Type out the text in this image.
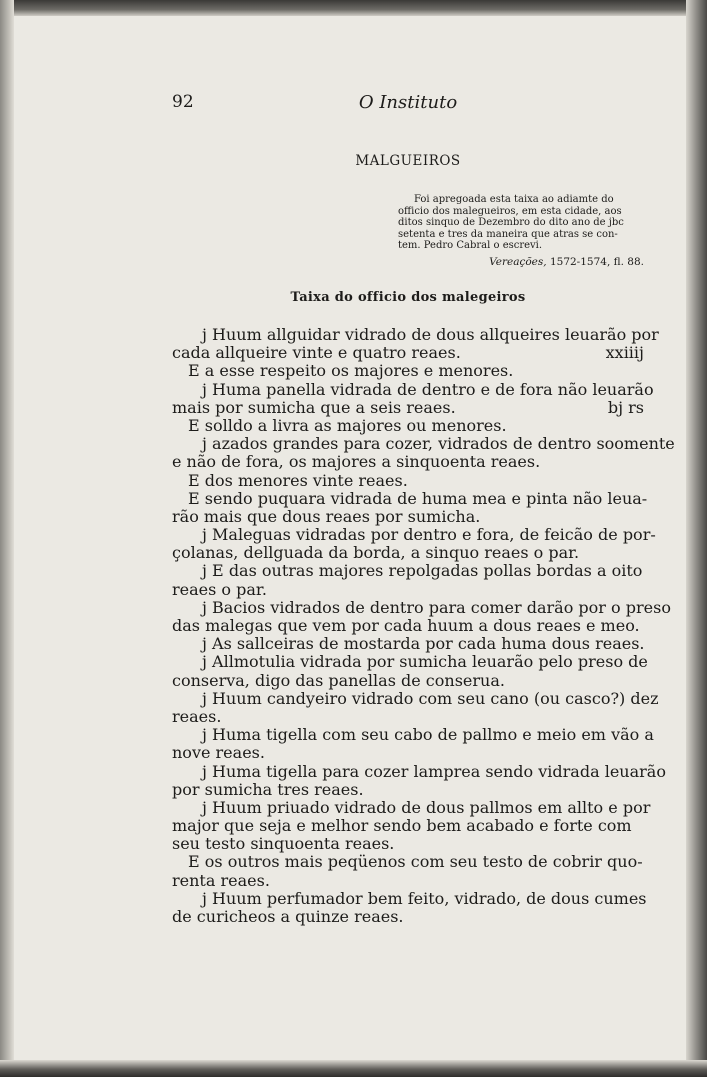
92	O Instituto
MALGUEIROS
Foi apregoada esta taixa ao adiamte do
officio dos malegueiros, em esta cidade, aos
ditos sinquo de Dezembro do dito ano de jbc
setenta e tres da maneira que atras se con-
tem. Pedro Cabral o escrevi.
Vereações, 1572-1574, fl. 88.
Taixa do officio dos malegeiros
j Huum allguidar vidrado de dous allqueires leuarão por
cada allqueire vinte e quatro reaes.	xxiiij
E a esse respeito os majores e menores.
j Huma panella vidrada de dentro e de fora não leuarão
mais por sumicha que a seis reaes.	bj rs
E solldo a livra as majores ou menores.
j azados grandes para cozer, vidrados de dentro soomente
e não de fora, os majores a sinquoenta reaes.
E dos menores vinte reaes.
E sendo puquara vidrada de huma mea e pinta não leua-
rão mais que dous reaes por sumicha.
j Maleguas vidradas por dentro e fora, de feicão de por-
çolanas, dellguada da borda, a sinquo reaes o par.
j E das outras majores repolgadas pollas bordas a oito
reaes o par.
j Bacios vidrados de dentro para comer darão por o preso
das malegas que vem por cada huum a dous reaes e meo.
j As sallceiras de mostarda por cada huma dous reaes.
j Allmotulia vidrada por sumicha leuarão pelo preso de
conserva, digo das panellas de conserua.
j Huum candyeiro vidrado com seu cano (ou casco?) dez
reaes.
j Huma tigella com seu cabo de pallmo e meio em vão a
nove reaes.
j Huma tigella para cozer lamprea sendo vidrada leuarão
por sumicha tres reaes.
j Huum priuado vidrado de dous pallmos em allto e por
major que seja e melhor sendo bem acabado e forte com
seu testo sinquoenta reaes.
E os outros mais peqüenos com seu testo de cobrir quo-
renta reaes.
j Huum perfumador bem feito, vidrado, de dous cumes
de curicheos a quinze reaes.
